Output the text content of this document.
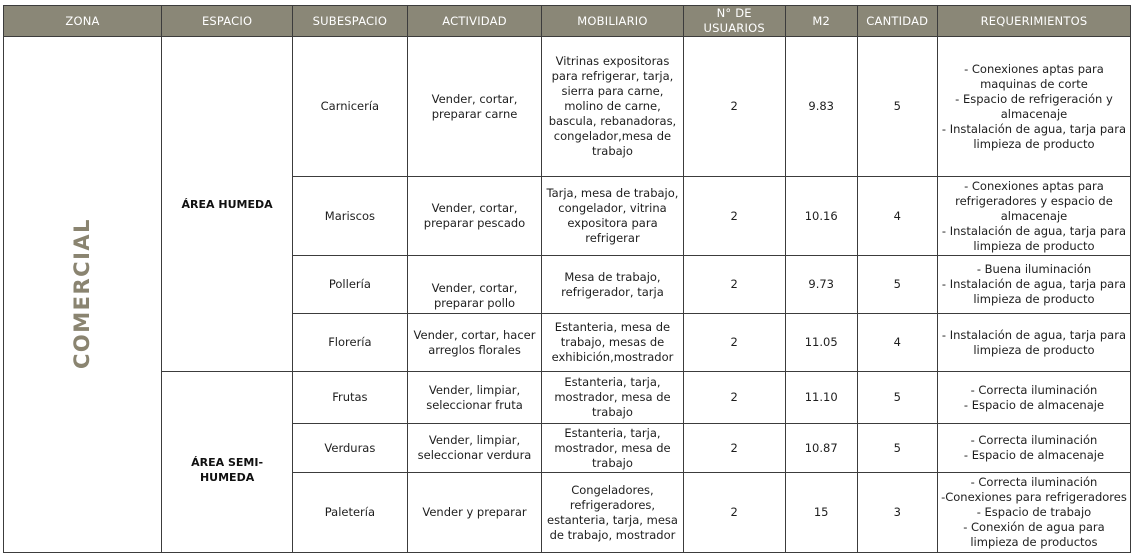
ZONA	ESPACIO	SUBESPACIO	ACTIVIDAD	MOBILIARIO	N° DE USUARIOS	M2	CANTIDAD	REQUERIMIENTOS
COMERCIAL	ÁREA HUMEDA	Carnicería	Vender, cortar, preparar carne	Vitrinas expositoras para refrigerar, tarja, sierra para carne, molino de carne, bascula, rebanadoras, congelador,mesa de trabajo	2	9.83	5	- Conexiones aptas para maquinas de corte
- Espacio de refrigeración y almacenaje
- Instalación de agua, tarja para limpieza de producto

		Mariscos	Vender, cortar, preparar pescado	Tarja, mesa de trabajo, congelador, vitrina expositora para refrigerar	2	10.16	4	- Conexiones aptas para refrigeradores y espacio de almacenaje
- Instalación de agua, tarja para limpieza de producto

		Pollería	Vender, cortar, preparar pollo	Mesa de trabajo, refrigerador, tarja	2	9.73	5	- Buena iluminación
- Instalación de agua, tarja para limpieza de producto

		Florería	Vender, cortar, hacer arreglos florales	Estanteria, mesa de trabajo, mesas de exhibición,mostrador	2	11.05	4	- Instalación de agua, tarja para limpieza de producto

	ÁREA SEMI-HUMEDA	Frutas	Vender, limpiar, seleccionar fruta	Estanteria, tarja, mostrador, mesa de trabajo	2	11.10	5	- Correcta iluminación
- Espacio de almacenaje

		Verduras	Vender, limpiar, seleccionar verdura	Estanteria, tarja, mostrador, mesa de trabajo	2	10.87	5	- Correcta iluminación
- Espacio de almacenaje

		Paletería	Vender y preparar	Congeladores, refrigeradores, estanteria, tarja, mesa de trabajo, mostrador	2	15	3	- Correcta iluminación
-Conexiones para refrigeradores
- Espacio de trabajo
- Conexión de agua para limpieza de productos
